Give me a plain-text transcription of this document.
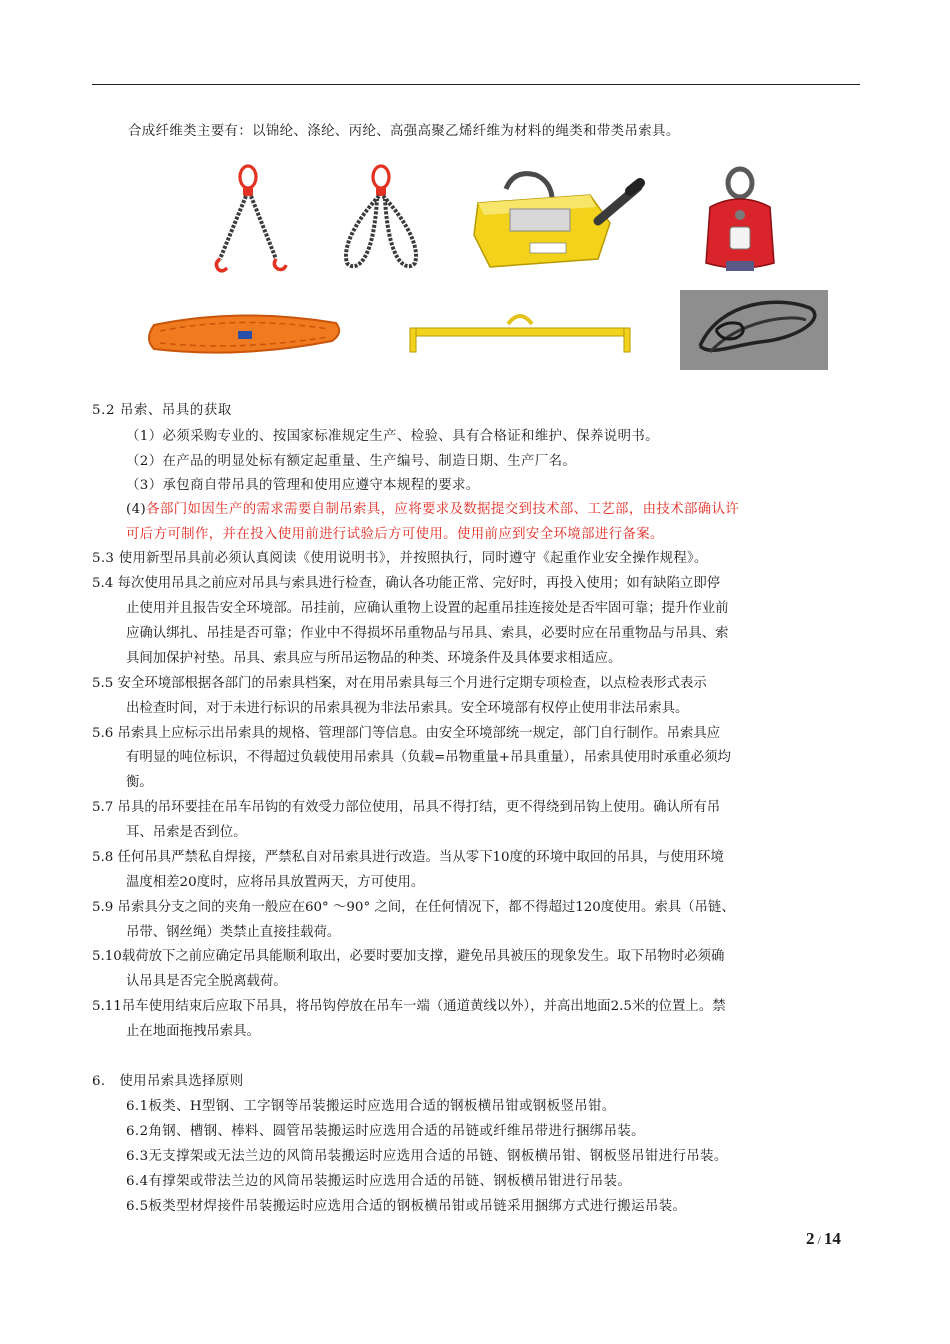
合成纤维类主要有：以锦纶、涤纶、丙纶、高强高聚乙烯纤维为材料的绳类和带类吊索具。
5.2 吊索、吊具的获取
（1）必须采购专业的、按国家标准规定生产、检验、具有合格证和维护、保养说明书。
（2）在产品的明显处标有额定起重量、生产编号、制造日期、生产厂名。
（3）承包商自带吊具的管理和使用应遵守本规程的要求。
(4)各部门如因生产的需求需要自制吊索具，应将要求及数据提交到技术部、工艺部，由技术部确认许
可后方可制作，并在投入使用前进行试验后方可使用。使用前应到安全环境部进行备案。
5.3 使用新型吊具前必须认真阅读《使用说明书》，并按照执行，同时遵守《起重作业安全操作规程》。
5.4 每次使用吊具之前应对吊具与索具进行检查，确认各功能正常、完好时，再投入使用；如有缺陷立即停
止使用并且报告安全环境部。吊挂前，应确认重物上设置的起重吊挂连接处是否牢固可靠；提升作业前
应确认绑扎、吊挂是否可靠；作业中不得损坏吊重物品与吊具、索具，必要时应在吊重物品与吊具、索
具间加保护衬垫。吊具、索具应与所吊运物品的种类、环境条件及具体要求相适应。
5.5 安全环境部根据各部门的吊索具档案，对在用吊索具每三个月进行定期专项检查，以点检表形式表示
出检查时间，对于未进行标识的吊索具视为非法吊索具。安全环境部有权停止使用非法吊索具。
5.6 吊索具上应标示出吊索具的规格、管理部门等信息。由安全环境部统一规定，部门自行制作。吊索具应
有明显的吨位标识，不得超过负载使用吊索具（负载=吊物重量+吊具重量），吊索具使用时承重必须均
衡。
5.7 吊具的吊环要挂在吊车吊钩的有效受力部位使用，吊具不得打结，更不得绕到吊钩上使用。确认所有吊
耳、吊索是否到位。
5.8 任何吊具严禁私自焊接，严禁私自对吊索具进行改造。当从零下10度的环境中取回的吊具，与使用环境
温度相差20度时，应将吊具放置两天，方可使用。
5.9 吊索具分支之间的夹角一般应在60° ～90° 之间，在任何情况下，都不得超过120度使用。索具（吊链、
吊带、钢丝绳）类禁止直接挂载荷。
5.10载荷放下之前应确定吊具能顺利取出，必要时要加支撑，避免吊具被压的现象发生。取下吊物时必须确
认吊具是否完全脱离载荷。
5.11吊车使用结束后应取下吊具，将吊钩停放在吊车一端（通道黄线以外），并高出地面2.5米的位置上。禁
止在地面拖拽吊索具。
6.　使用吊索具选择原则
6.1板类、H型钢、工字钢等吊装搬运时应选用合适的钢板横吊钳或钢板竖吊钳。
6.2角钢、槽钢、棒料、圆管吊装搬运时应选用合适的吊链或纤维吊带进行捆绑吊装。
6.3无支撑架或无法兰边的风筒吊装搬运时应选用合适的吊链、钢板横吊钳、钢板竖吊钳进行吊装。
6.4有撑架或带法兰边的风筒吊装搬运时应选用合适的吊链、钢板横吊钳进行吊装。
6.5板类型材焊接件吊装搬运时应选用合适的钢板横吊钳或吊链采用捆绑方式进行搬运吊装。
2 / 14
